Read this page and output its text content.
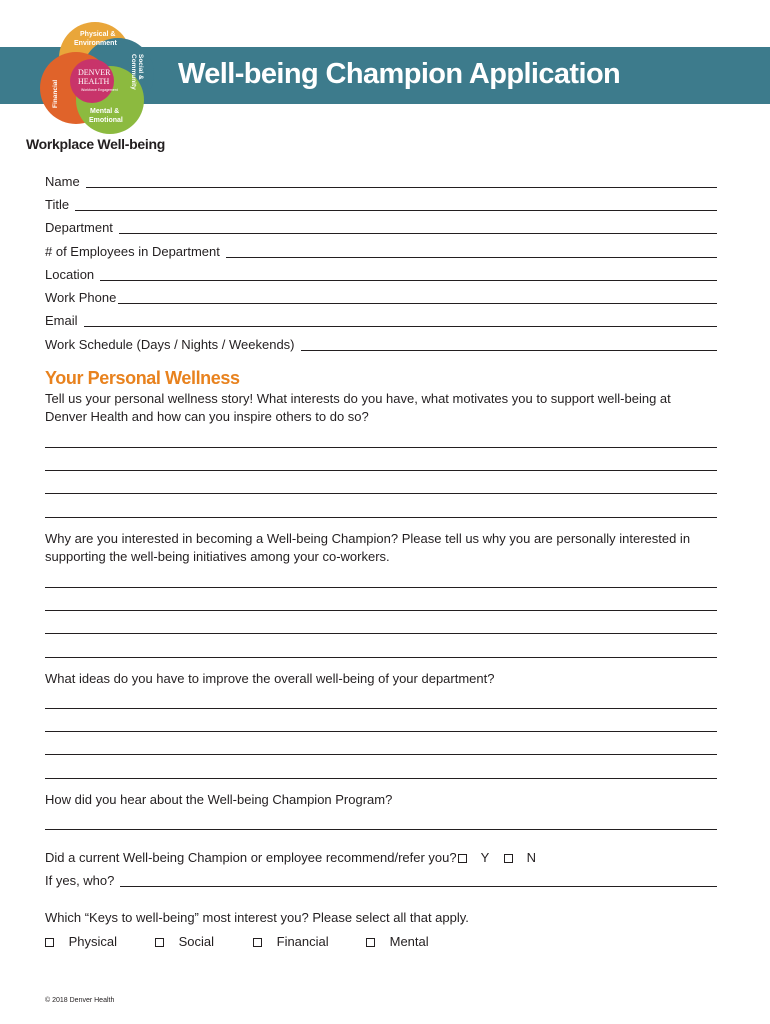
Well-being Champion Application
Physical &
Environment
Social &
Community
Financial
Mental &
Emotional
DENVER
HEALTH
Workforce Engagement
Workplace Well-being
Name
Title
Department
# of Employees in Department
Location
Work Phone
Email
Work Schedule (Days / Nights / Weekends)
Your Personal Wellness
Tell us your personal wellness story! What interests do you have, what motivates you to support well-being at
Denver Health and how can you inspire others to do so?
Why are you interested in becoming a Well-being Champion? Please tell us why you are personally interested in
supporting the well-being initiatives among your co-workers.
What ideas do you have to improve the overall well-being of your department?
How did you hear about the Well-being Champion Program?
Did a current Well-being Champion or employee recommend/refer you?	Y	N
If yes, who?
Which “Keys to well-being” most interest you? Please select all that apply.
Physical	Social	Financial	Mental
© 2018 Denver Health
